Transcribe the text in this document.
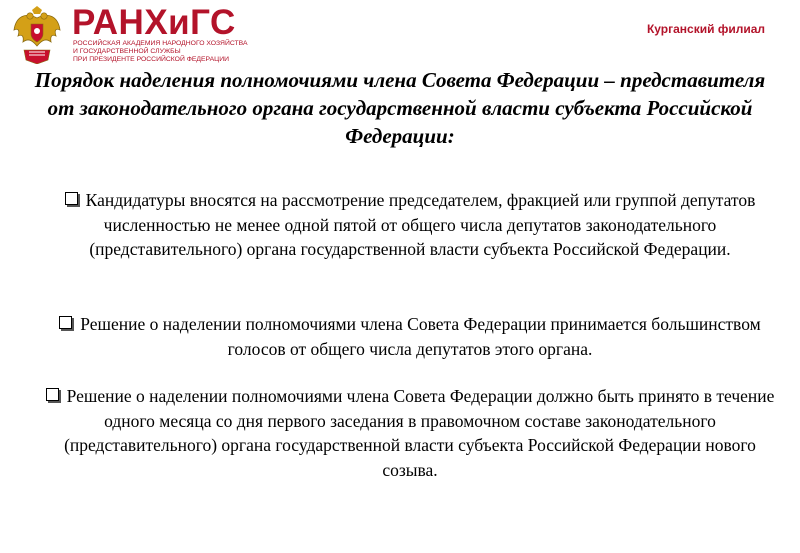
РАНХиГС
РОССИЙСКАЯ АКАДЕМИЯ НАРОДНОГО ХОЗЯЙСТВА
И ГОСУДАРСТВЕННОЙ СЛУЖБЫ
ПРИ ПРЕЗИДЕНТЕ РОССИЙСКОЙ ФЕДЕРАЦИИ
Курганский филиал
Порядок наделения полномочиями члена Совета Федерации – представителя от законодательного органа государственной власти субъекта Российской Федерации:
Кандидатуры вносятся на рассмотрение председателем, фракцией или группой депутатов численностью не менее одной пятой от общего числа депутатов законодательного (представительного) органа государственной власти субъекта Российской Федерации.
Решение о наделении полномочиями члена Совета Федерации принимается большинством голосов от общего числа депутатов этого органа.
Решение о наделении полномочиями члена Совета Федерации должно быть принято в течение одного месяца со дня первого заседания в правомочном составе законодательного (представительного) органа государственной власти субъекта Российской Федерации нового созыва.
